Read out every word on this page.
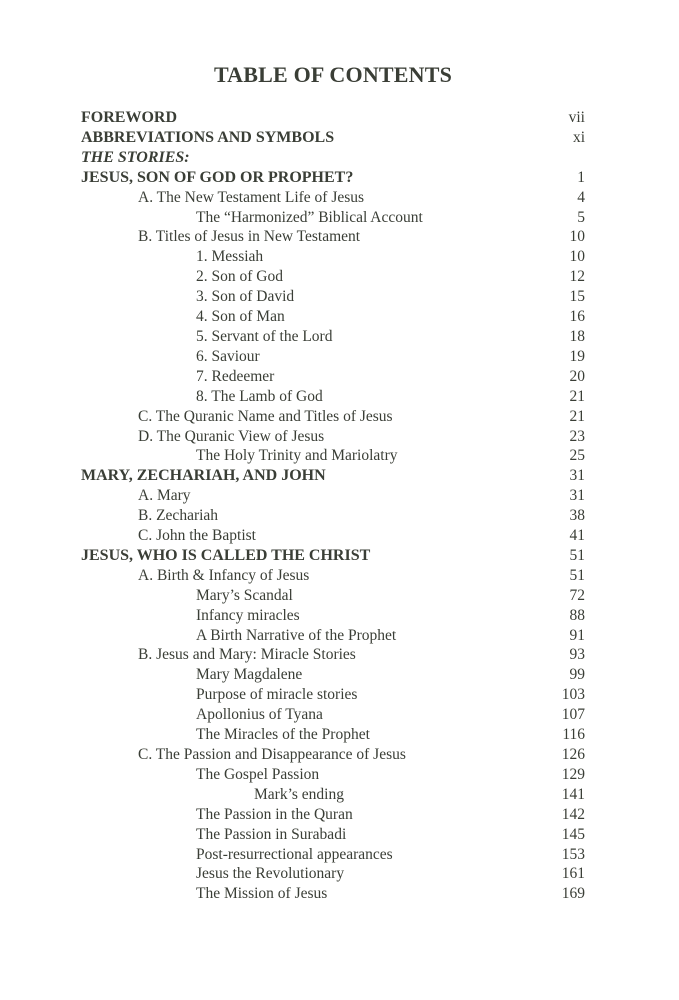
TABLE OF CONTENTS
FOREWORD	vii
ABBREVIATIONS AND SYMBOLS	xi
THE STORIES:
JESUS, SON OF GOD OR PROPHET?	1
A. The New Testament Life of Jesus	4
The “Harmonized” Biblical Account	5
B. Titles of Jesus in New Testament	10
1. Messiah	10
2. Son of God	12
3. Son of David	15
4. Son of Man	16
5. Servant of the Lord	18
6. Saviour	19
7. Redeemer	20
8. The Lamb of God	21
C. The Quranic Name and Titles of Jesus	21
D. The Quranic View of Jesus	23
The Holy Trinity and Mariolatry	25
MARY, ZECHARIAH, AND JOHN	31
A. Mary	31
B. Zechariah	38
C. John the Baptist	41
JESUS, WHO IS CALLED THE CHRIST	51
A. Birth & Infancy of Jesus	51
Mary’s Scandal	72
Infancy miracles	88
A Birth Narrative of the Prophet	91
B. Jesus and Mary: Miracle Stories	93
Mary Magdalene	99
Purpose of miracle stories	103
Apollonius of Tyana	107
The Miracles of the Prophet	116
C. The Passion and Disappearance of Jesus	126
The Gospel Passion	129
Mark’s ending	141
The Passion in the Quran	142
The Passion in Surabadi	145
Post-resurrectional appearances	153
Jesus the Revolutionary	161
The Mission of Jesus	169
